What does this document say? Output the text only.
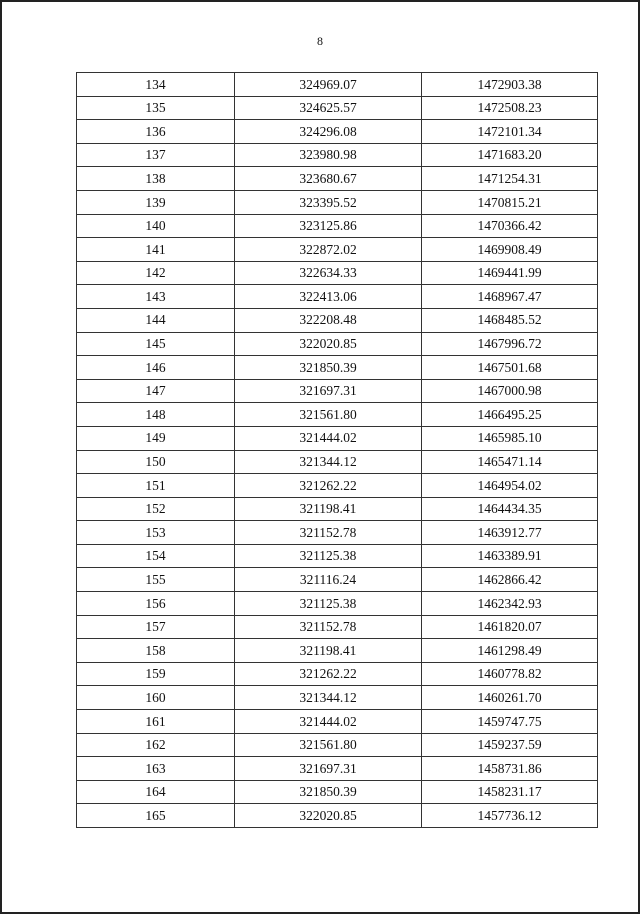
8
134	324969.07	1472903.38
135	324625.57	1472508.23
136	324296.08	1472101.34
137	323980.98	1471683.20
138	323680.67	1471254.31
139	323395.52	1470815.21
140	323125.86	1470366.42
141	322872.02	1469908.49
142	322634.33	1469441.99
143	322413.06	1468967.47
144	322208.48	1468485.52
145	322020.85	1467996.72
146	321850.39	1467501.68
147	321697.31	1467000.98
148	321561.80	1466495.25
149	321444.02	1465985.10
150	321344.12	1465471.14
151	321262.22	1464954.02
152	321198.41	1464434.35
153	321152.78	1463912.77
154	321125.38	1463389.91
155	321116.24	1462866.42
156	321125.38	1462342.93
157	321152.78	1461820.07
158	321198.41	1461298.49
159	321262.22	1460778.82
160	321344.12	1460261.70
161	321444.02	1459747.75
162	321561.80	1459237.59
163	321697.31	1458731.86
164	321850.39	1458231.17
165	322020.85	1457736.12
